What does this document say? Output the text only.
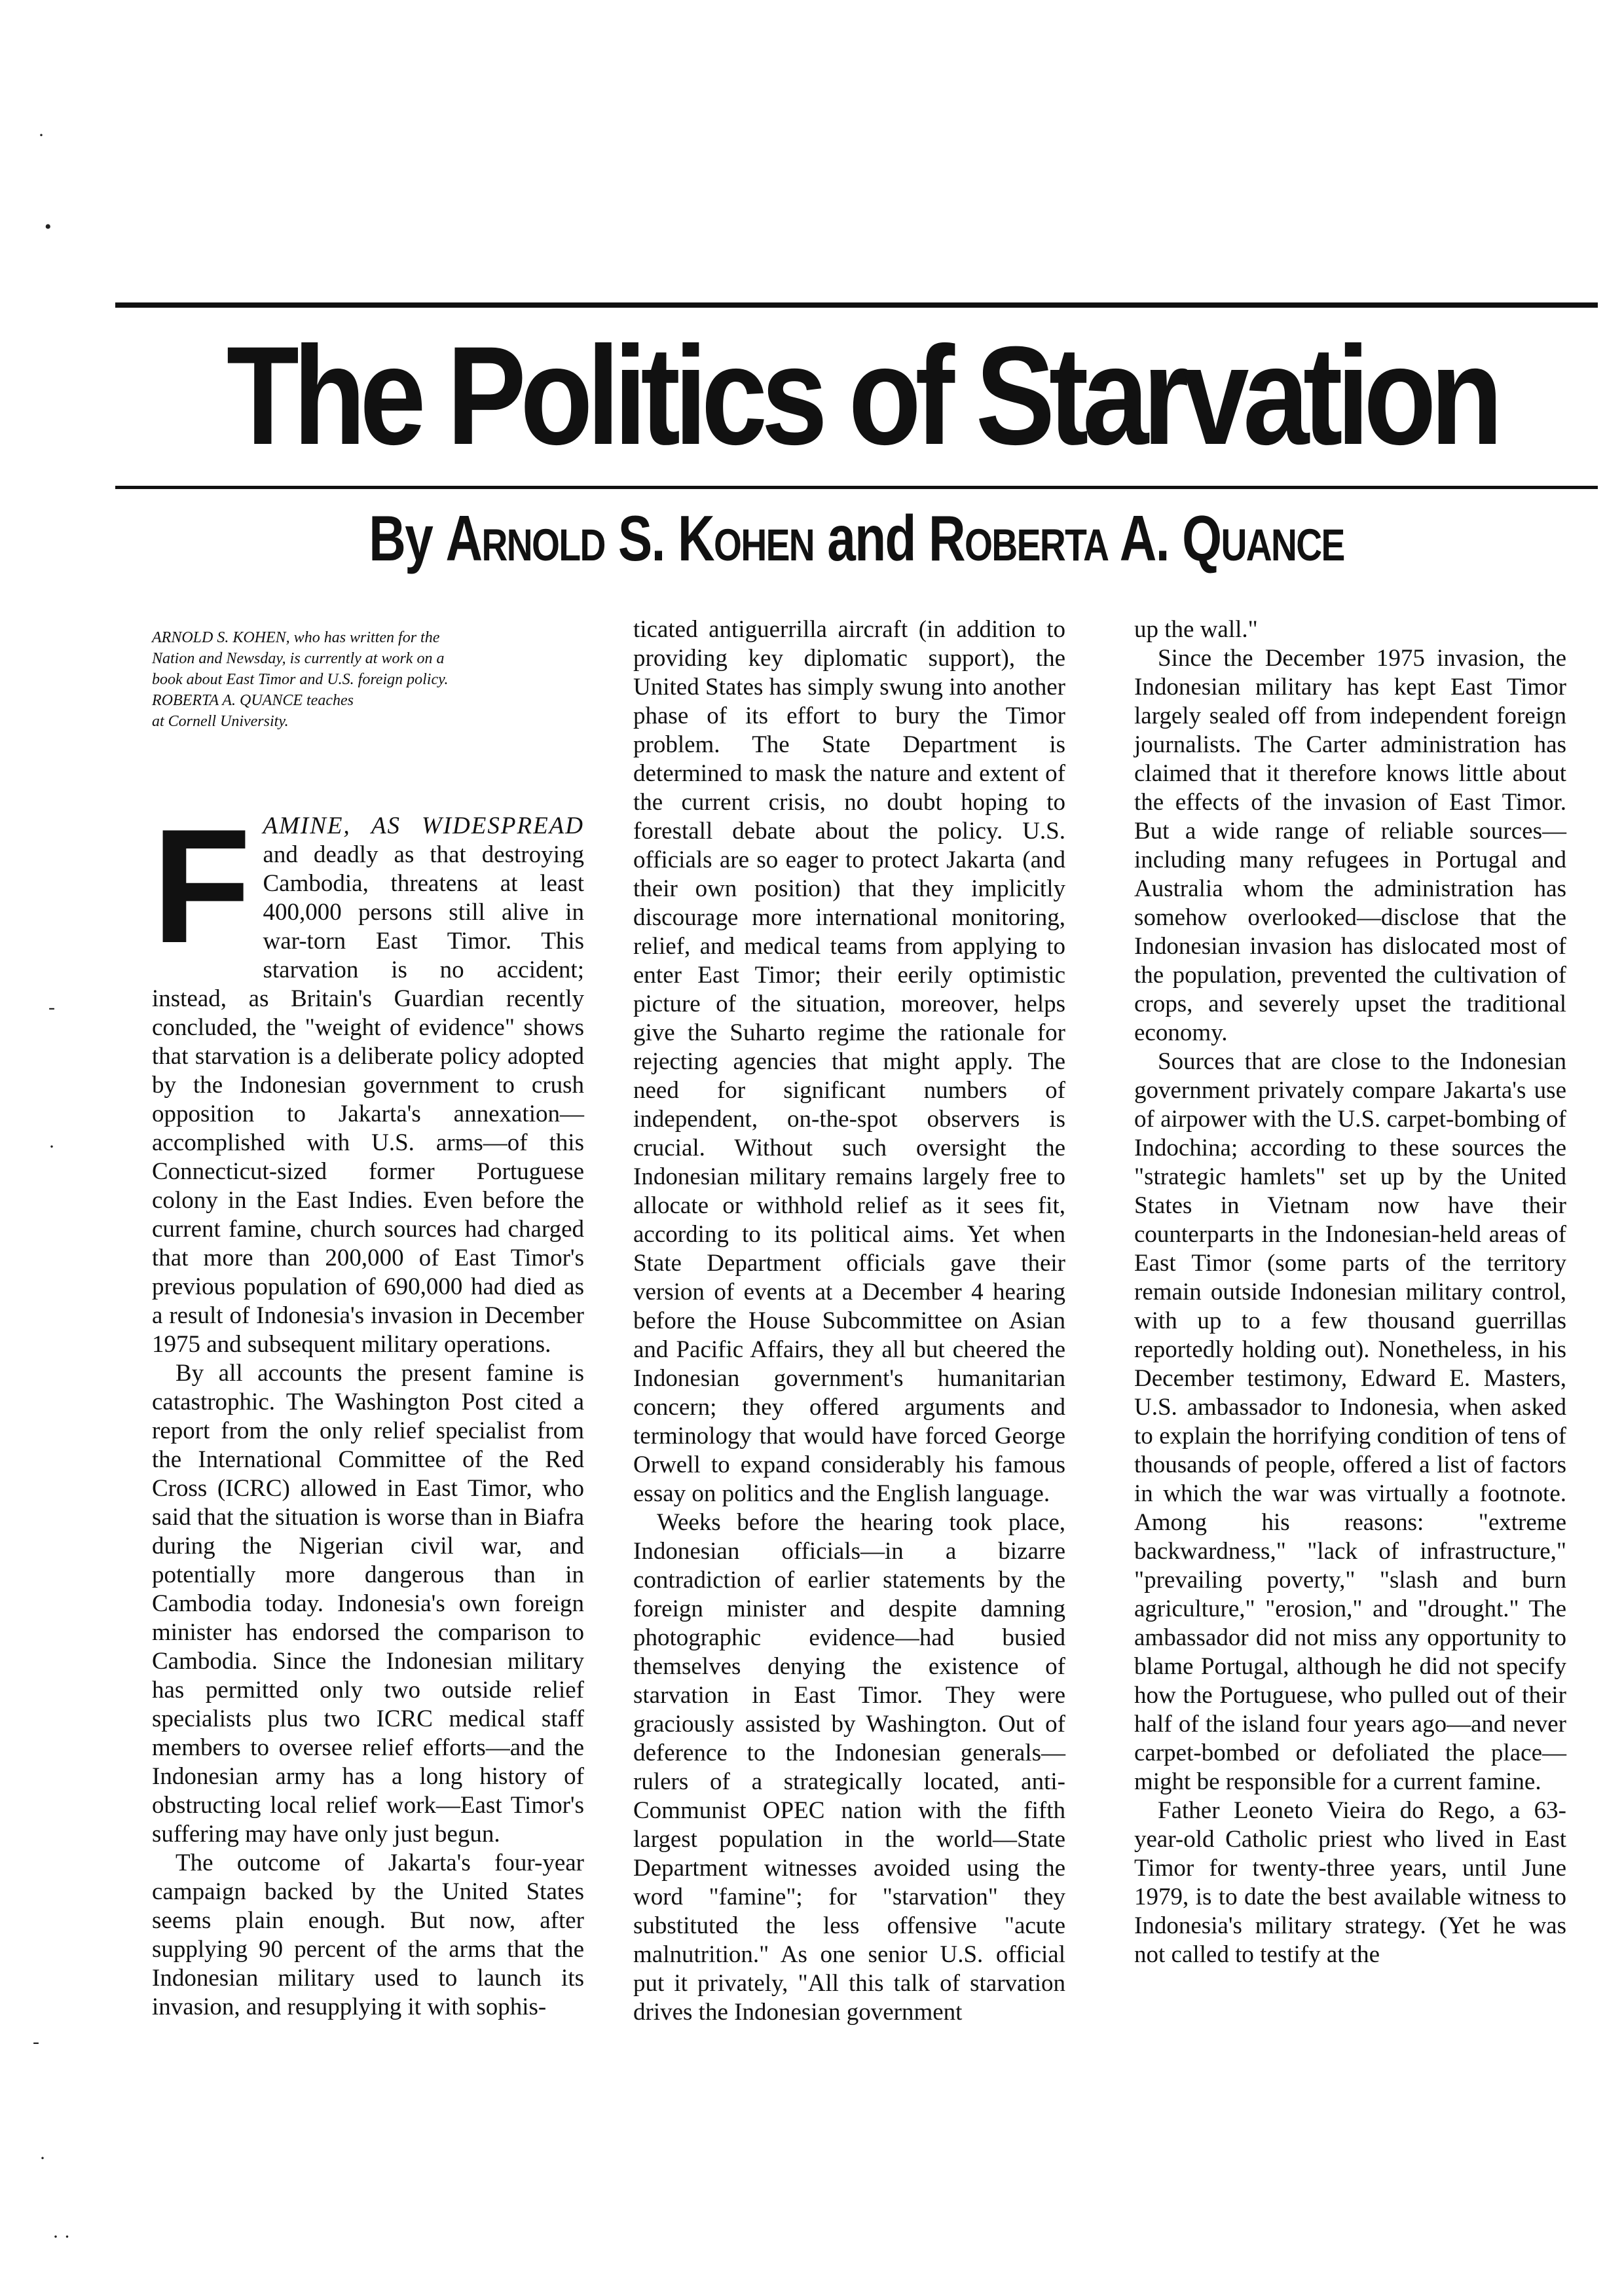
The Politics of Starvation
By Arnold S. Kohen and Roberta A. Quance

ARNOLD S. KOHEN, who has written for the

Nation and Newsday, is currently at work on a

book about East Timor and U.S. foreign policy.

ROBERTA A. QUANCE teaches

at Cornell University.

F AMINE, AS WIDESPREAD and deadly as that destroying Cambodia, threatens at least 400,000 persons still alive in war-torn East Timor. This starvation is no accident; instead, as Britain's Guardian recently concluded, the "weight of evidence" shows that starvation is a deliberate policy adopted by the Indonesian government to crush opposition to Jakarta's annexation—accomplished with U.S. arms—of this Connecticut-sized former Portuguese colony in the East Indies. Even before the current famine, church sources had charged that more than 200,000 of East Timor's previous population of 690,000 had died as a result of Indonesia's invasion in December 1975 and subsequent military operations.

By all accounts the present famine is catastrophic. The Washington Post cited a report from the only relief specialist from the International Committee of the Red Cross (ICRC) allowed in East Timor, who said that the situation is worse than in Biafra during the Nigerian civil war, and potentially more dangerous than in Cambodia today. Indonesia's own foreign minister has endorsed the comparison to Cambodia. Since the Indonesian military has permitted only two outside relief specialists plus two ICRC medical staff members to oversee relief efforts—and the Indonesian army has a long history of obstructing local relief work—East Timor's suffering may have only just begun.

The outcome of Jakarta's four-year campaign backed by the United States seems plain enough. But now, after supplying 90 percent of the arms that the Indonesian military used to launch its invasion, and resupplying it with sophis-

ticated antiguerrilla aircraft (in addition to providing key diplomatic support), the United States has simply swung into another phase of its effort to bury the Timor problem. The State Department is determined to mask the nature and extent of the current crisis, no doubt hoping to forestall debate about the policy. U.S. officials are so eager to protect Jakarta (and their own position) that they implicitly discourage more international monitoring, relief, and medical teams from applying to enter East Timor; their eerily optimistic picture of the situation, moreover, helps give the Suharto regime the rationale for rejecting agencies that might apply. The need for significant numbers of independent, on-the-spot observers is crucial. Without such oversight the Indonesian military remains largely free to allocate or withhold relief as it sees fit, according to its political aims. Yet when State Department officials gave their version of events at a December 4 hearing before the House Subcommittee on Asian and Pacific Affairs, they all but cheered the Indonesian government's humanitarian concern; they offered arguments and terminology that would have forced George Orwell to expand considerably his famous essay on politics and the English language.

Weeks before the hearing took place, Indonesian officials—in a bizarre contradiction of earlier statements by the foreign minister and despite damning photographic evidence—had busied themselves denying the existence of starvation in East Timor. They were graciously assisted by Washington. Out of deference to the Indonesian generals—rulers of a strategically located, anti-Communist OPEC nation with the fifth largest population in the world—State Department witnesses avoided using the word "famine"; for "starvation" they substituted the less offensive "acute malnutrition." As one senior U.S. official put it privately, "All this talk of starvation drives the Indonesian government

up the wall."

Since the December 1975 invasion, the Indonesian military has kept East Timor largely sealed off from independent foreign journalists. The Carter administration has claimed that it therefore knows little about the effects of the invasion of East Timor. But a wide range of reliable sources—including many refugees in Portugal and Australia whom the administration has somehow overlooked—disclose that the Indonesian invasion has dislocated most of the population, prevented the cultivation of crops, and severely upset the traditional economy.

Sources that are close to the Indonesian government privately compare Jakarta's use of airpower with the U.S. carpet-bombing of Indochina; according to these sources the "strategic hamlets" set up by the United States in Vietnam now have their counterparts in the Indonesian-held areas of East Timor (some parts of the territory remain outside Indonesian military control, with up to a few thousand guerrillas reportedly holding out). Nonetheless, in his December testimony, Edward E. Masters, U.S. ambassador to Indonesia, when asked to explain the horrifying condition of tens of thousands of people, offered a list of factors in which the war was virtually a footnote. Among his reasons: "extreme backwardness," "lack of infrastructure," "prevailing poverty," "slash and burn agriculture," "erosion," and "drought." The ambassador did not miss any opportunity to blame Portugal, although he did not specify how the Portuguese, who pulled out of their half of the island four years ago—and never carpet-bombed or defoliated the place—might be responsible for a current famine.

Father Leoneto Vieira do Rego, a 63-year-old Catholic priest who lived in East Timor for twenty-three years, until June 1979, is to date the best available witness to Indonesia's military strategy. (Yet he was not called to testify at the

·
•
-
·
-
·
· ·
